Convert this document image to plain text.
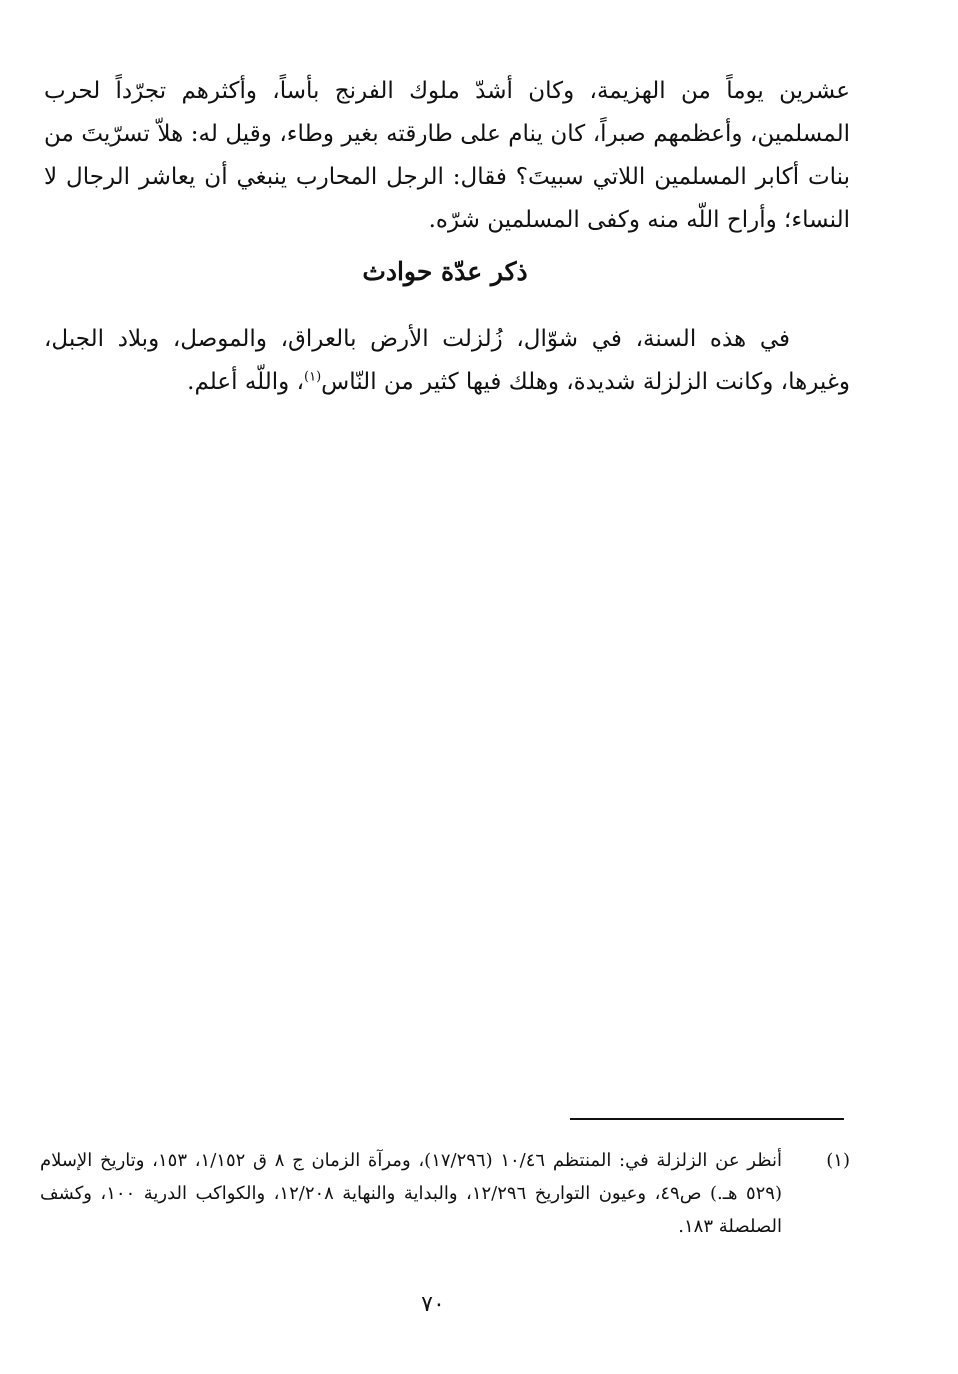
عشرين يوماً من الهزيمة، وكان أشدّ ملوك الفرنج بأساً، وأكثرهم تجرّداً لحرب المسلمين، وأعظمهم صبراً، كان ينام على طارقته بغير وطاء، وقيل له: هلاّ تسرّيتَ من بنات أكابر المسلمين اللاتي سبيتَ؟ فقال: الرجل المحارب ينبغي أن يعاشر الرجال لا النساء؛ وأراح اللّه منه وكفى المسلمين شرّه.

ذكر عدّة حوادث

في هذه السنة، في شوّال، زُلزلت الأرض بالعراق، والموصل، وبلاد الجبل، وغيرها، وكانت الزلزلة شديدة، وهلك فيها كثير من النّاس$^{(١)}$، واللّه أعلم.

(١)
أنظر عن الزلزلة في: المنتظم ١٠/٤٦ (١٧/٢٩٦)، ومرآة الزمان ج ٨ ق ١/١٥٢، ١٥٣، وتاريخ الإسلام (٥٢٩ هـ.) ص٤٩، وعيون التواريخ ١٢/٢٩٦، والبداية والنهاية ١٢/٢٠٨، والكواكب الدرية ١٠٠، وكشف الصلصلة ١٨٣.
٧٠
